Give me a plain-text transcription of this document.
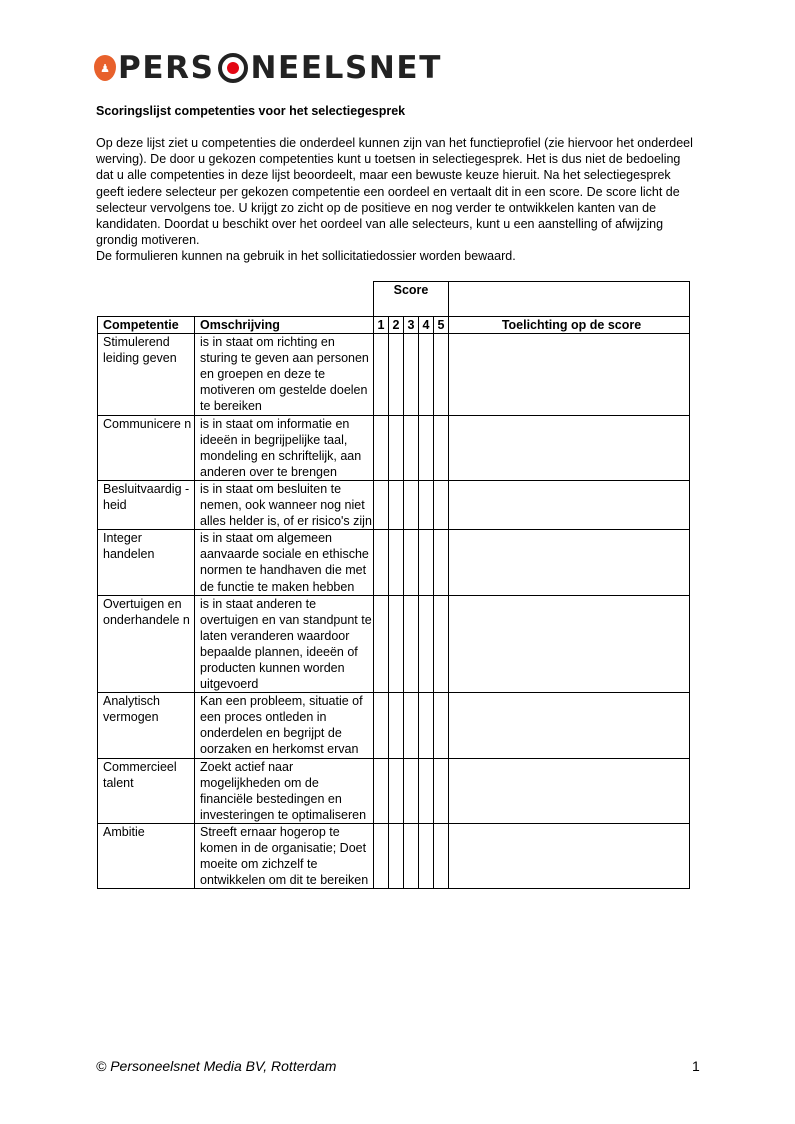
♟ PERS NEELSNET
Scoringslijst competenties voor het selectiegesprek

Op deze lijst ziet u competenties die onderdeel kunnen zijn van het functieprofiel (zie hiervoor het onderdeel werving). De door u gekozen competenties kunt u toetsen in selectiegesprek. Het is dus niet de bedoeling dat u alle competenties in deze lijst beoordeelt, maar een bewuste keuze hieruit. Na het selectiegesprek geeft iedere selecteur per gekozen competentie een oordeel en vertaalt dit in een score. De score licht de selecteur vervolgens toe. U krijgt zo zicht op de positieve en nog verder te ontwikkelen kanten van de kandidaten. Doordat u beschikt over het oordeel van alle selecteurs, kunt u een aanstelling of afwijzing grondig motiveren.

De formulieren kunnen na gebruik in het sollicitatiedossier worden bewaard.

		Score					
Competentie	Omschrijving	1	2	3	4	5	Toelichting op de score
Stimulerend leiding geven	is in staat om richting en sturing te geven aan personen en groepen en deze te motiveren om gestelde doelen te bereiken						
Communicere n	is in staat om informatie en ideeën in begrijpelijke taal, mondeling en schriftelijk, aan anderen over te brengen						
Besluitvaardig -heid	is in staat om besluiten te nemen, ook wanneer nog niet alles helder is, of er risico's zijn						
Integer handelen	is in staat om algemeen aanvaarde sociale en ethische normen te handhaven die met de functie te maken hebben						
Overtuigen en onderhandele n	is in staat anderen te overtuigen en van standpunt te laten veranderen waardoor bepaalde plannen, ideeën of producten kunnen worden uitgevoerd						
Analytisch vermogen	Kan een probleem, situatie of een proces ontleden in onderdelen en begrijpt de oorzaken en herkomst ervan						
Commercieel talent	Zoekt actief naar mogelijkheden om de financiële bestedingen en investeringen te optimaliseren						
Ambitie	Streeft ernaar hogerop te komen in de organisatie; Doet moeite om zichzelf te ontwikkelen om dit te bereiken						
© Personeelsnet Media BV, Rotterdam	1
